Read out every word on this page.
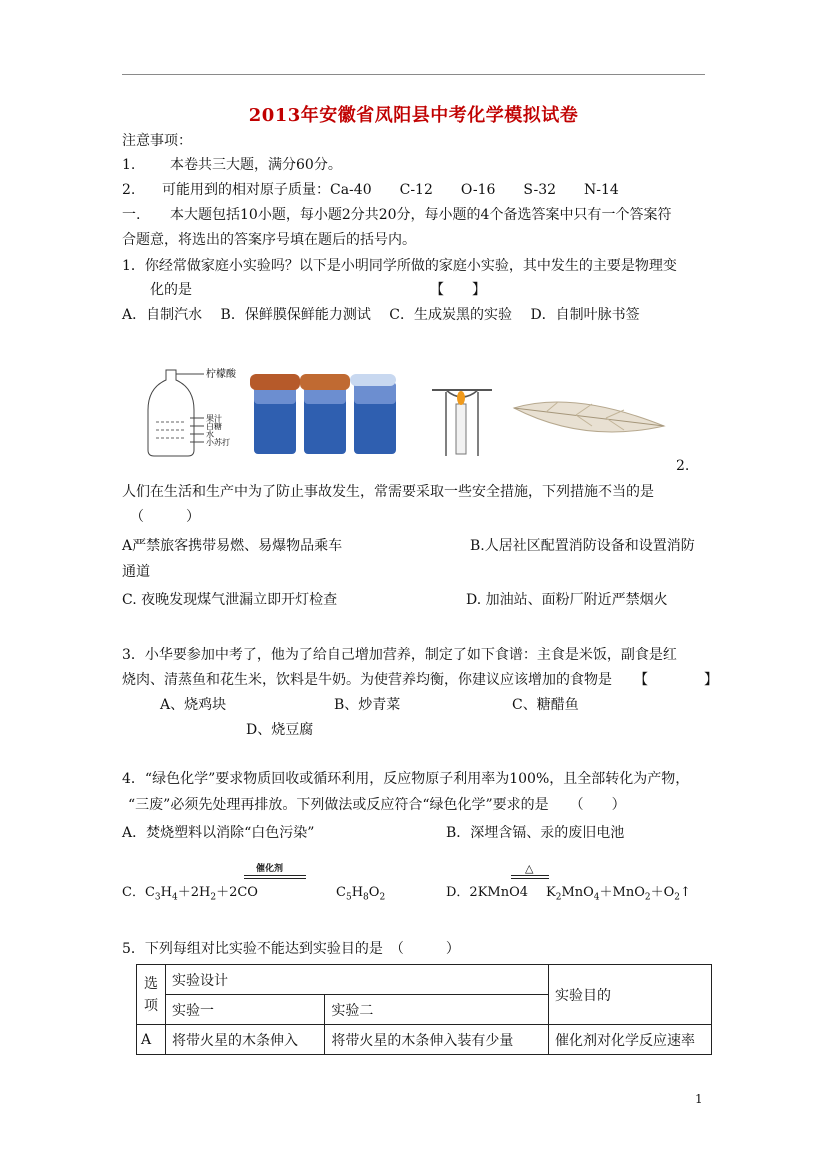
2013年安徽省凤阳县中考化学模拟试卷
注意事项：
1. 本卷共三大题，满分60分。
2. 可能用到的相对原子质量：Ca-40　　C-12　　O-16　　S-32　　N-14
一. 本大题包括10小题，每小题2分共20分，每小题的4个备选答案中只有一个答案符
合题意，将选出的答案序号填在题后的括号内。
1．你经常做家庭小实验吗？以下是小明同学所做的家庭小实验，其中发生的主要是物理变
化的是	【　　】
A．自制汽水　 B．保鲜膜保鲜能力测试　 C．生成炭黑的实验　 D．自制叶脉书签
柠檬酸
果汁
白糖
水
小苏打
2.
人们在生活和生产中为了防止事故发生，常需要采取一些安全措施，下列措施不当的是
（　　　）
A严禁旅客携带易燃、易爆物品乘车	B.人居社区配置消防设备和设置消防
通道
C. 夜晚发现煤气泄漏立即开灯检查	D. 加油站、面粉厂附近严禁烟火
3．小华要参加中考了，他为了给自己增加营养，制定了如下食谱：主食是米饭，副食是红
烧肉、清蒸鱼和花生米，饮料是牛奶。为使营养均衡，你建议应该增加的食物是 【　　　　】
A、烧鸡块	B、炒青菜	C、糖醋鱼
D、烧豆腐
4．“绿色化学”要求物质回收或循环利用，反应物原子利用率为100%，且全部转化为产物，
“三废”必须先处理再排放。下列做法或反应符合“绿色化学”要求的是　　（　　）
A．焚烧塑料以消除“白色污染”	B．深埋含镉、汞的废旧电池
C．$C_3H_4+2H_2+2CO$
催化剂
$C_5H_8O_2$	D．2KMnO4
△
$K_2MnO_4+MnO_2+O_2↑$
5．下列每组对比实验不能达到实验目的是　（　　　）
选
项	实验设计		实验目的
	实验一	实验二	
A	将带火星的木条伸入	将带火星的木条伸入装有少量	催化剂对化学反应速率
1
